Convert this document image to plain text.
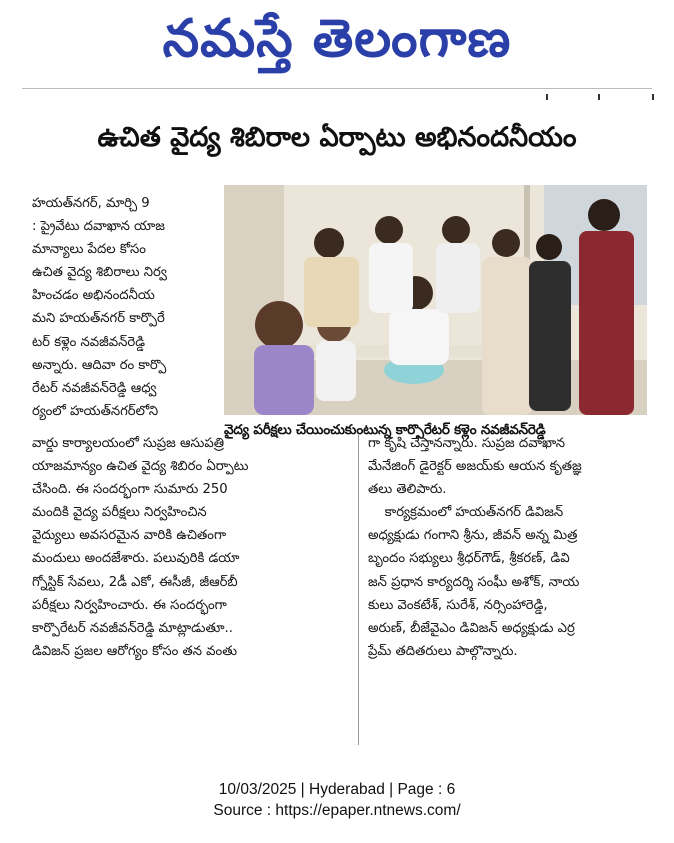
నమస్తే తెలంగాణ
ఉచిత వైద్య శిబిరాల ఏర్పాటు అభినందనీయం
హయత్‌నగర్, మార్చి 9
: ప్రైవేటు దవాఖాన యాజ
మాన్యాలు పేదల కోసం
ఉచిత వైద్య శిబిరాలు నిర్వ
హించడం అభినందనీయ
మని హయత్‌నగర్ కార్పొరే
టర్ కళ్లెం నవజీవన్‌రెడ్డి
అన్నారు. ఆదివా రం కార్పొ
రేటర్ నవజీవన్‌రెడ్డి ఆధ్వ
ర్యంలో హయత్‌నగర్‌లోని
వైద్య పరీక్షలు చేయించుకుంటున్న కార్పొరేటర్ కళ్లెం నవజీవన్‌రెడ్డి
వార్డు కార్యాలయంలో సుప్రజ ఆసుపత్రి
యాజమాన్యం ఉచిత వైద్య శిబిరం ఏర్పాటు
చేసింది. ఈ సందర్భంగా సుమారు 250
మందికి వైద్య పరీక్షలు నిర్వహించిన
వైద్యులు అవసరమైన వారికి ఉచితంగా
మందులు అందజేశారు. పలువురికి డయా
గ్నోస్టిక్ సేవలు, 2డీ ఎకో, ఈసీజీ, జీఆర్‌బీ
పరీక్షలు నిర్వహించారు. ఈ సందర్భంగా
కార్పొరేటర్ నవజీవన్‌రెడ్డి మాట్లాడుతూ..
డివిజన్ ప్రజల ఆరోగ్యం కోసం తన వంతు
గా కృషి చేస్తానన్నారు. సుప్రజ దవాఖాన
మేనేజింగ్ డైరెక్టర్ అజయ్‌కు ఆయన కృతజ్ఞ
తలు తెలిపారు.
కార్యక్రమంలో హయత్‌నగర్ డివిజన్
అధ్యక్షుడు గంగాని శ్రీను, జీవన్ అన్న మిత్ర
బృందం సభ్యులు శ్రీధర్‌గౌడ్, శ్రీకరణ్, డివి
జన్ ప్రధాన కార్యదర్శి సంఘీ అశోక్, నాయ
కులు వెంకటేశ్, సురేశ్, నర్సింహారెడ్డి,
అరుణ్, బీజేవైఎం డివిజన్ అధ్యక్షుడు ఎర్ర
ప్రేమ్ తదితరులు పాల్గొన్నారు.
10/03/2025 | Hyderabad | Page : 6
Source : https://epaper.ntnews.com/
